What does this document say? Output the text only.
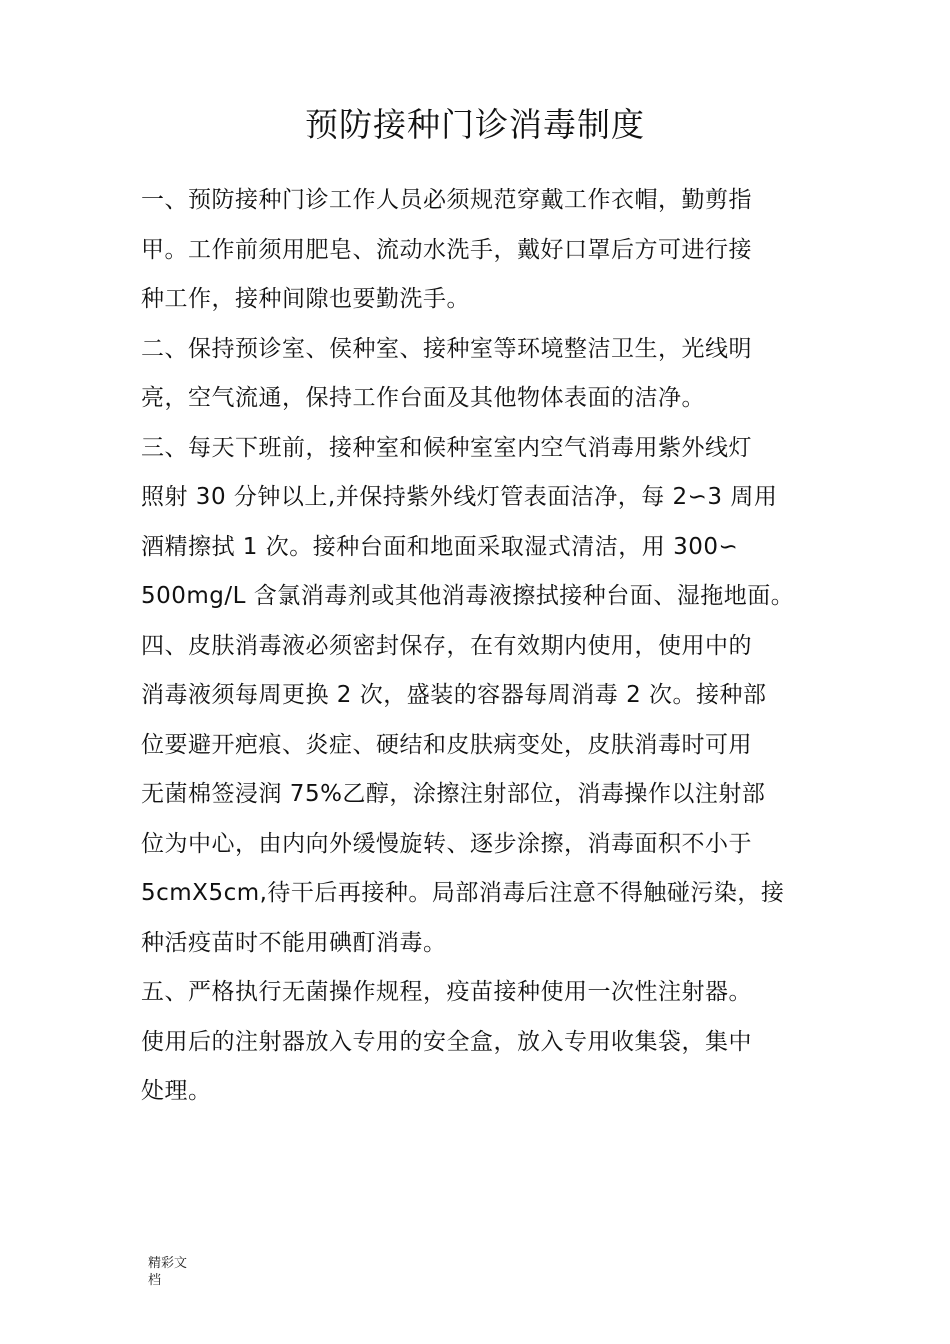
预防接种门诊消毒制度
一、预防接种门诊工作人员必须规范穿戴工作衣帽，勤剪指
甲。工作前须用肥皂、流动水洗手，戴好口罩后方可进行接
种工作，接种间隙也要勤洗手。
二、保持预诊室、侯种室、接种室等环境整洁卫生，光线明
亮，空气流通，保持工作台面及其他物体表面的洁净。
三、每天下班前，接种室和候种室室内空气消毒用紫外线灯
照射 30 分钟以上,并保持紫外线灯管表面洁净，每 2∽3 周用
酒精擦拭 1 次。接种台面和地面采取湿式清洁，用 300∽
500mg/L 含氯消毒剂或其他消毒液擦拭接种台面、湿拖地面。
四、皮肤消毒液必须密封保存，在有效期内使用，使用中的
消毒液须每周更换 2 次，盛装的容器每周消毒 2 次。接种部
位要避开疤痕、炎症、硬结和皮肤病变处，皮肤消毒时可用
无菌棉签浸润 75%乙醇，涂擦注射部位，消毒操作以注射部
位为中心，由内向外缓慢旋转、逐步涂擦，消毒面积不小于
5cmX5cm,待干后再接种。局部消毒后注意不得触碰污染，接
种活疫苗时不能用碘酊消毒。
五、严格执行无菌操作规程，疫苗接种使用一次性注射器。
使用后的注射器放入专用的安全盒，放入专用收集袋，集中
处理。
精彩文
档
